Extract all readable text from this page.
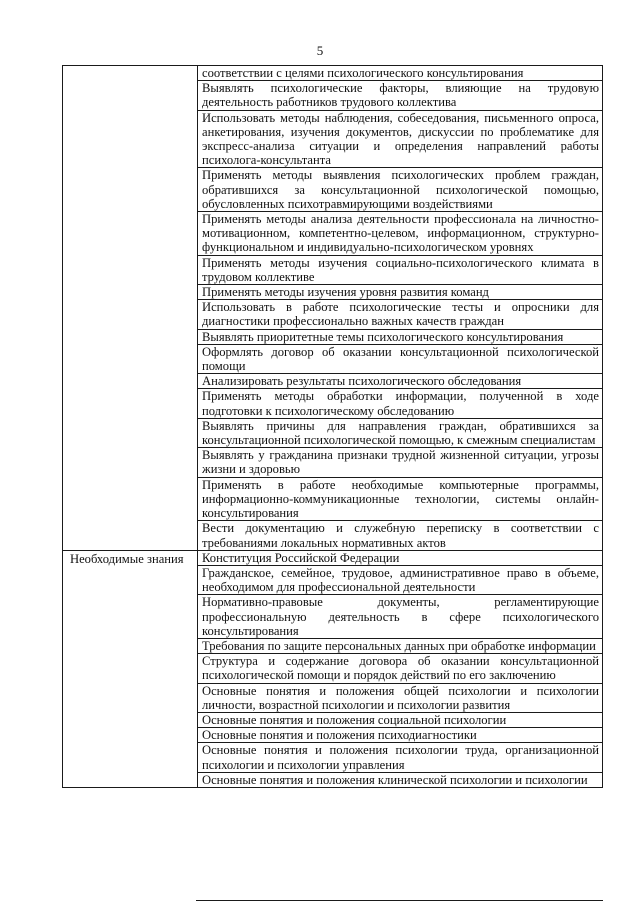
5
	соответствии с целями психологического консультирования
	Выявлять психологические факторы, влияющие на трудовую деятельность работников трудового коллектива
	Использовать методы наблюдения, собеседования, письменного опроса, анкетирования, изучения документов, дискуссии по проблематике для экспресс-анализа ситуации и определения направлений работы психолога-консультанта
	Применять методы выявления психологических проблем граждан, обратившихся за консультационной психологической помощью, обусловленных психотравмирующими воздействиями
	Применять методы анализа деятельности профессионала на личностно-мотивационном, компетентно-целевом, информационном, структурно-функциональном и индивидуально-психологическом уровнях
	Применять методы изучения социально-психологического климата в трудовом коллективе
	Применять методы изучения уровня развития команд
	Использовать в работе психологические тесты и опросники для диагностики профессионально важных качеств граждан
	Выявлять приоритетные темы психологического консультирования
	Оформлять договор об оказании консультационной психологической помощи
	Анализировать результаты психологического обследования
	Применять методы обработки информации, полученной в ходе подготовки к психологическому обследованию
	Выявлять причины для направления граждан, обратившихся за консультационной психологической помощью, к смежным специалистам
	Выявлять у гражданина признаки трудной жизненной ситуации, угрозы жизни и здоровью
	Применять в работе необходимые компьютерные программы, информационно-коммуникационные технологии, системы онлайн-консультирования
	Вести документацию и служебную переписку в соответствии с требованиями локальных нормативных актов

Необходимые знания	Конституция Российской Федерации
	Гражданское, семейное, трудовое, административное право в объеме, необходимом для профессиональной деятельности
	Нормативно-правовые документы, регламентирующие профессиональную деятельность в сфере психологического консультирования
	Требования по защите персональных данных при обработке информации
	Структура и содержание договора об оказании консультационной психологической помощи и порядок действий по его заключению
	Основные понятия и положения общей психологии и психологии личности, возрастной психологии и психологии развития
	Основные понятия и положения социальной психологии
	Основные понятия и положения психодиагностики
	Основные понятия и положения психологии труда, организационной психологии и психологии управления
	Основные понятия и положения клинической психологии и психологии
